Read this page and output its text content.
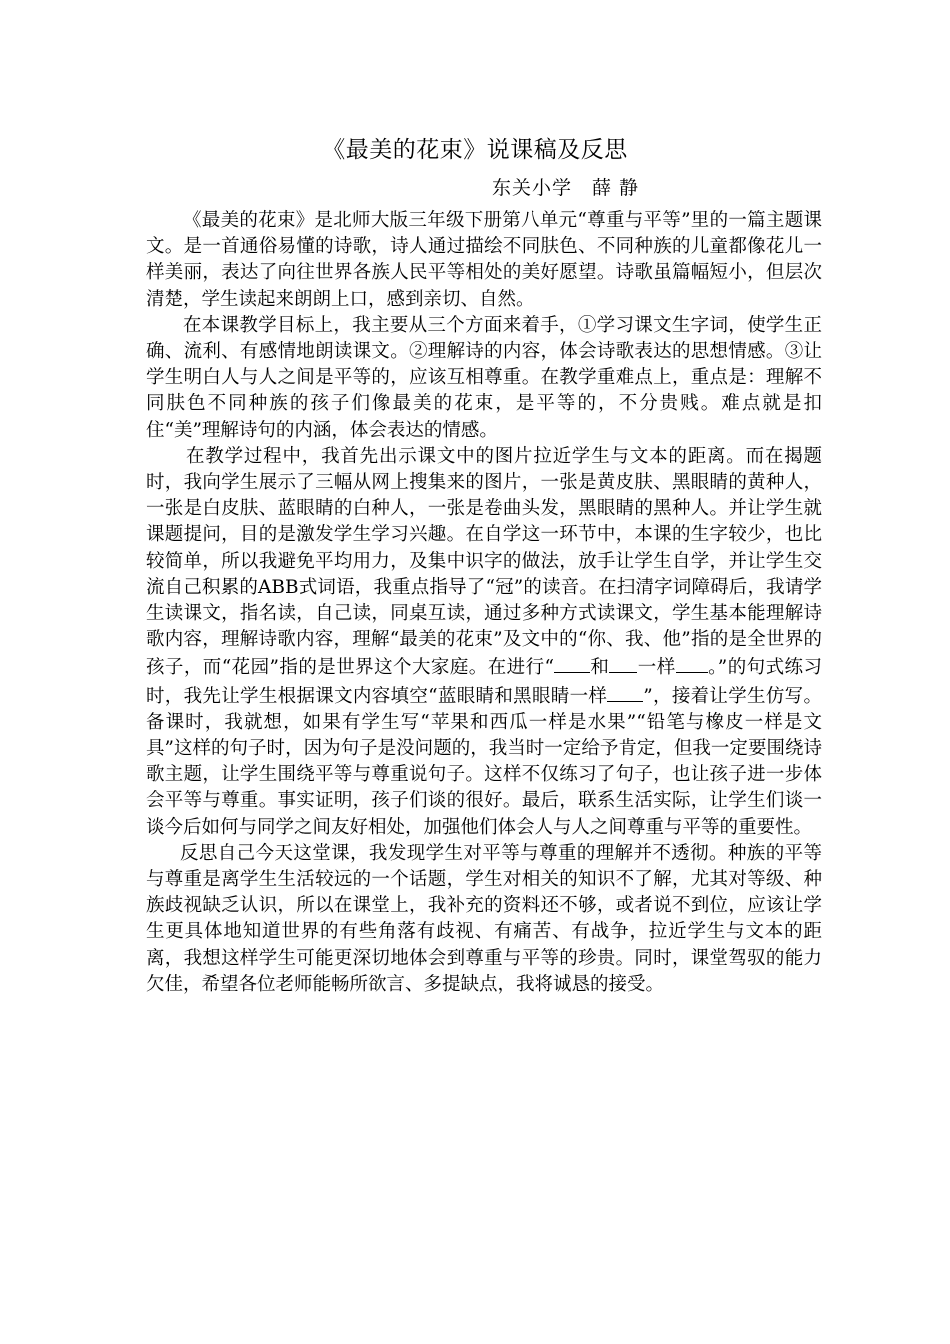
《最美的花束》说课稿及反思
东关小学　薛 静

《最美的花束》是北师大版三年级下册第八单元“尊重与平等”里的一篇主题课文。是一首通俗易懂的诗歌，诗人通过描绘不同肤色、不同种族的儿童都像花儿一样美丽，表达了向往世界各族人民平等相处的美好愿望。诗歌虽篇幅短小，但层次清楚，学生读起来朗朗上口，感到亲切、自然。

在本课教学目标上，我主要从三个方面来着手，①学习课文生字词，使学生正确、流利、有感情地朗读课文。②理解诗的内容，体会诗歌表达的思想情感。③让学生明白人与人之间是平等的，应该互相尊重。在教学重难点上，重点是：理解不同肤色不同种族的孩子们像最美的花束，是平等的，不分贵贱。难点就是扣住“美”理解诗句的内涵，体会表达的情感。

在教学过程中，我首先出示课文中的图片拉近学生与文本的距离。而在揭题时，我向学生展示了三幅从网上搜集来的图片，一张是黄皮肤、黑眼睛的黄种人，一张是白皮肤、蓝眼睛的白种人，一张是卷曲头发，黑眼睛的黑种人。并让学生就课题提问，目的是激发学生学习兴趣。在自学这一环节中，本课的生字较少，也比较简单，所以我避免平均用力，及集中识字的做法，放手让学生自学，并让学生交流自己积累的ABB式词语，我重点指导了“冠”的读音。在扫清字词障碍后，我请学生读课文，指名读，自己读，同桌互读，通过多种方式读课文，学生基本能理解诗歌内容，理解诗歌内容，理解“最美的花束”及文中的“你、我、他”指的是全世界的孩子，而“花园”指的是世界这个大家庭。在进行“ 和 一样 。”的句式练习时，我先让学生根据课文内容填空“蓝眼睛和黑眼睛一样 ”，接着让学生仿写。备课时，我就想，如果有学生写“苹果和西瓜一样是水果”“铅笔与橡皮一样是文具”这样的句子时，因为句子是没问题的，我当时一定给予肯定，但我一定要围绕诗歌主题，让学生围绕平等与尊重说句子。这样不仅练习了句子，也让孩子进一步体会平等与尊重。事实证明，孩子们谈的很好。最后，联系生活实际，让学生们谈一谈今后如何与同学之间友好相处，加强他们体会人与人之间尊重与平等的重要性。

反思自己今天这堂课，我发现学生对平等与尊重的理解并不透彻。种族的平等与尊重是离学生生活较远的一个话题，学生对相关的知识不了解，尤其对等级、种族歧视缺乏认识，所以在课堂上，我补充的资料还不够，或者说不到位，应该让学生更具体地知道世界的有些角落有歧视、有痛苦、有战争，拉近学生与文本的距离，我想这样学生可能更深切地体会到尊重与平等的珍贵。同时，课堂驾驭的能力欠佳，希望各位老师能畅所欲言、多提缺点，我将诚恳的接受。
